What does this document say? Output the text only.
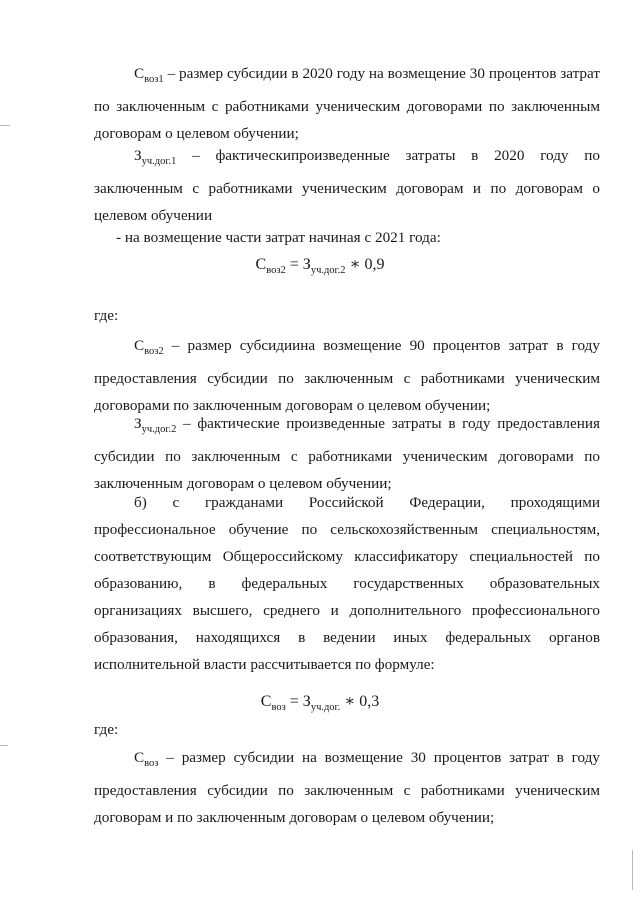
$С_{воз1}$ – размер субсидии в 2020 году на возмещение 30 процентов затрат по заключенным с работниками ученическим договорами по заключенным договорам о целевом обучении;
$З_{уч.дог.1}$ – фактическипроизведенные затраты в 2020 году по заключенным с работниками ученическим договорам и по договорам о целевом обучении
- на возмещение части затрат начиная с 2021 года:
$С_{воз2} = З_{уч.дог.2}$ ∗ 0,9
где:
$С_{воз2}$ – размер субсидиина возмещение 90 процентов затрат в году предоставления субсидии по заключенным с работниками ученическим договорами по заключенным договорам о целевом обучении;
$З_{уч.дог.2}$ – фактические произведенные затраты в году предоставления субсидии по заключенным с работниками ученическим договорами по заключенным договорам о целевом обучении;
б) с гражданами Российской Федерации, проходящими профессиональное обучение по сельскохозяйственным специальностям, соответствующим Общероссийскому классификатору специальностей по образованию, в федеральных государственных образовательных организациях высшего, среднего и дополнительного профессионального образования, находящихся в ведении иных федеральных органов исполнительной власти рассчитывается по формуле:
$С_{воз} = З_{уч.дог.}$ ∗ 0,3
где:
$С_{воз}$ – размер субсидии на возмещение 30 процентов затрат в году предоставления субсидии по заключенным с работниками ученическим договорам и по заключенным договорам о целевом обучении;
